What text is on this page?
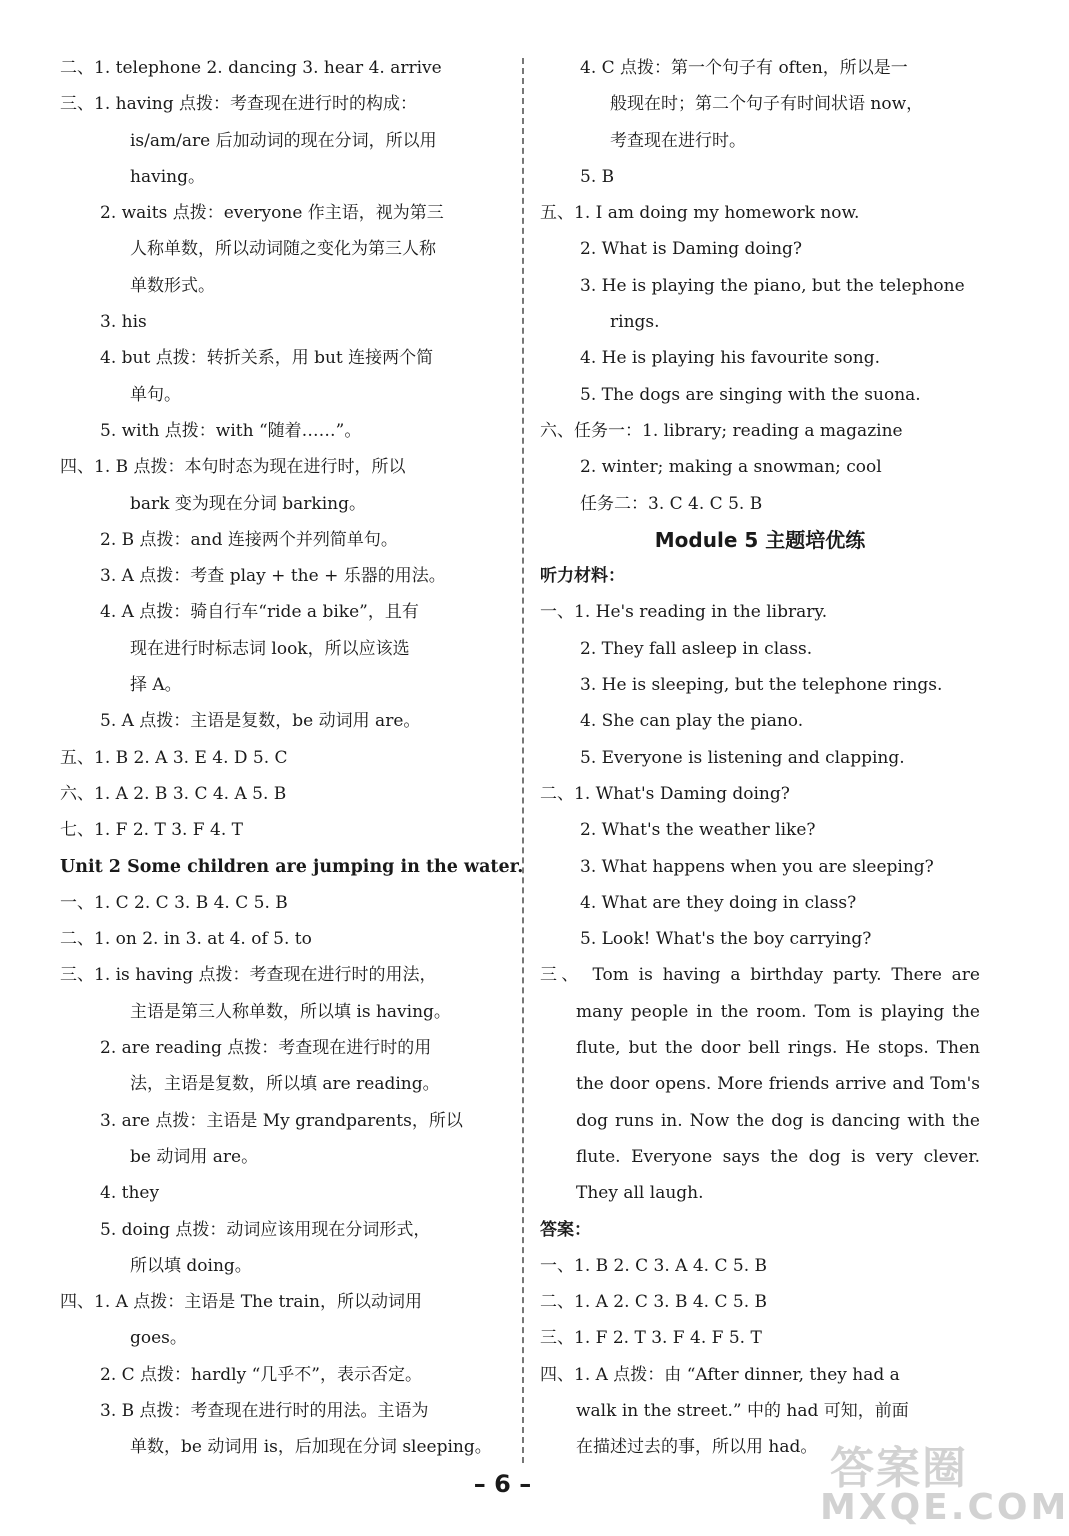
二、1. telephone 2. dancing 3. hear 4. arrive
三、1. having 点拨：考查现在进行时的构成：
is/am/are 后加动词的现在分词，所以用
having。
2. waits 点拨：everyone 作主语，视为第三
人称单数，所以动词随之变化为第三人称
单数形式。
3. his
4. but 点拨：转折关系，用 but 连接两个简
单句。
5. with 点拨：with “随着……”。
四、1. B 点拨：本句时态为现在进行时，所以
bark 变为现在分词 barking。
2. B 点拨：and 连接两个并列简单句。
3. A 点拨：考查 play + the + 乐器的用法。
4. A 点拨：骑自行车“ride a bike”，且有
现在进行时标志词 look，所以应该选
择 A。
5. A 点拨：主语是复数，be 动词用 are。
五、1. B 2. A 3. E 4. D 5. C
六、1. A 2. B 3. C 4. A 5. B
七、1. F 2. T 3. F 4. T
Unit 2 Some children are jumping in the water.
一、1. C 2. C 3. B 4. C 5. B
二、1. on 2. in 3. at 4. of 5. to
三、1. is having 点拨：考查现在进行时的用法，
主语是第三人称单数，所以填 is having。
2. are reading 点拨：考查现在进行时的用
法，主语是复数，所以填 are reading。
3. are 点拨：主语是 My grandparents，所以
be 动词用 are。
4. they
5. doing 点拨：动词应该用现在分词形式，
所以填 doing。
四、1. A 点拨：主语是 The train，所以动词用
goes。
2. C 点拨：hardly “几乎不”，表示否定。
3. B 点拨：考查现在进行时的用法。主语为
单数，be 动词用 is，后加现在分词 sleeping。
4. C 点拨：第一个句子有 often，所以是一
般现在时；第二个句子有时间状语 now，
考查现在进行时。
5. B
五、1. I am doing my homework now.
2. What is Daming doing?
3. He is playing the piano, but the telephone
rings.
4. He is playing his favourite song.
5. The dogs are singing with the suona.
六、任务一：1. library; reading a magazine
2. winter; making a snowman; cool
任务二：3. C 4. C 5. B
Module 5 主题培优练
听力材料：
一、1. He's reading in the library.
2. They fall asleep in class.
3. He is sleeping, but the telephone rings.
4. She can play the piano.
5. Everyone is listening and clapping.
二、1. What's Daming doing?
2. What's the weather like?
3. What happens when you are sleeping?
4. What are they doing in class?
5. Look! What's the boy carrying?
三、 Tom is having a birthday party. There are
many people in the room. Tom is playing the
flute, but the door bell rings. He stops. Then
the door opens. More friends arrive and Tom's
dog runs in. Now the dog is dancing with the
flute. Everyone says the dog is very clever.
They all laugh.
答案：
一、1. B 2. C 3. A 4. C 5. B
二、1. A 2. C 3. B 4. C 5. B
三、1. F 2. T 3. F 4. F 5. T
四、1. A 点拨：由 “After dinner, they had a
walk in the street.” 中的 had 可知，前面
在描述过去的事，所以用 had。
– 6 –	答案圈
MXQE.COM
